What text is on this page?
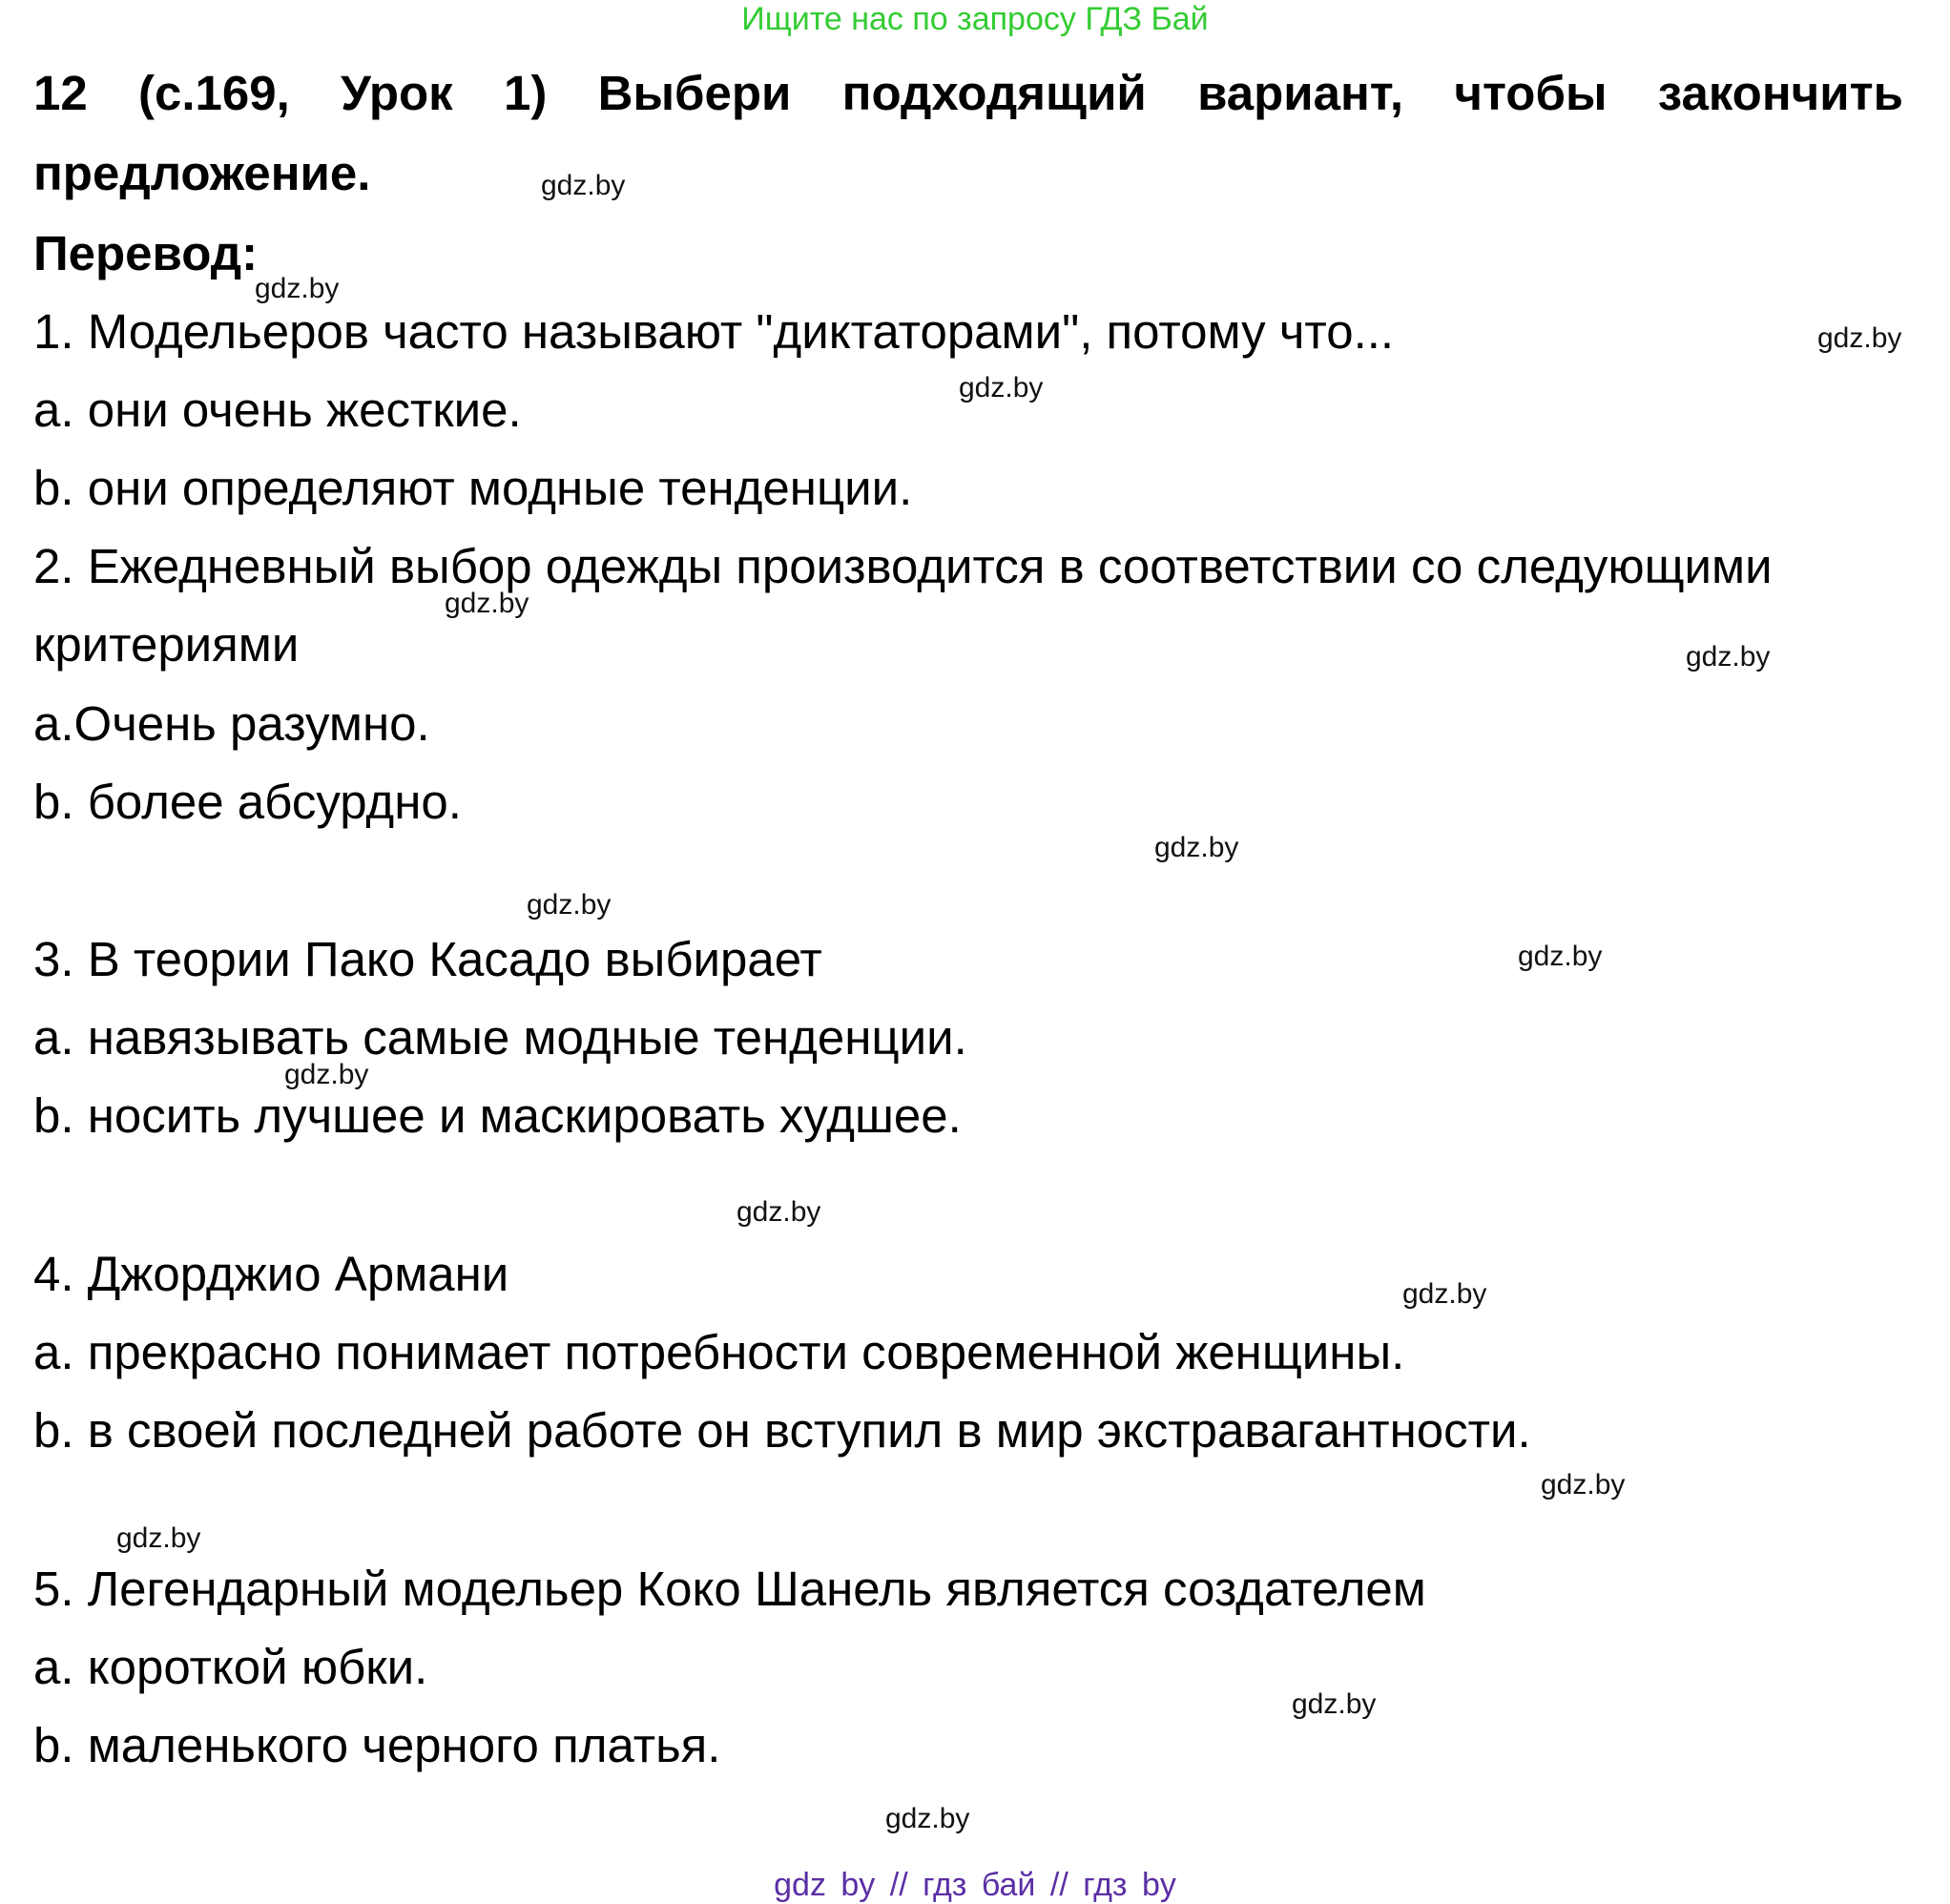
Ищите нас по запросу ГДЗ Бай
12 (с.169, Урок 1) Выбери подходящий вариант, чтобы закончить
предложение.
Перевод:
1. Модельеров часто называют "диктаторами", потому что...
a. они очень жесткие.
b. они определяют модные тенденции.
2. Ежедневный выбор одежды производится в соответствии со следующими
критериями
a.Очень разумно.
b. более абсурдно.
3. В теории Пако Касадо выбирает
a. навязывать самые модные тенденции.
b. носить лучшее и маскировать худшее.
4. Джорджио Армани
a. прекрасно понимает потребности современной женщины.
b. в своей последней работе он вступил в мир экстравагантности.
5. Легендарный модельер Коко Шанель является создателем
a. короткой юбки.
b. маленького черного платья.
gdz.by
gdz.by
gdz.by
gdz.by
gdz.by
gdz.by
gdz.by
gdz.by
gdz.by
gdz.by
gdz.by
gdz.by
gdz.by
gdz.by
gdz.by
gdz.by
gdz by // гдз бай // гдз by
